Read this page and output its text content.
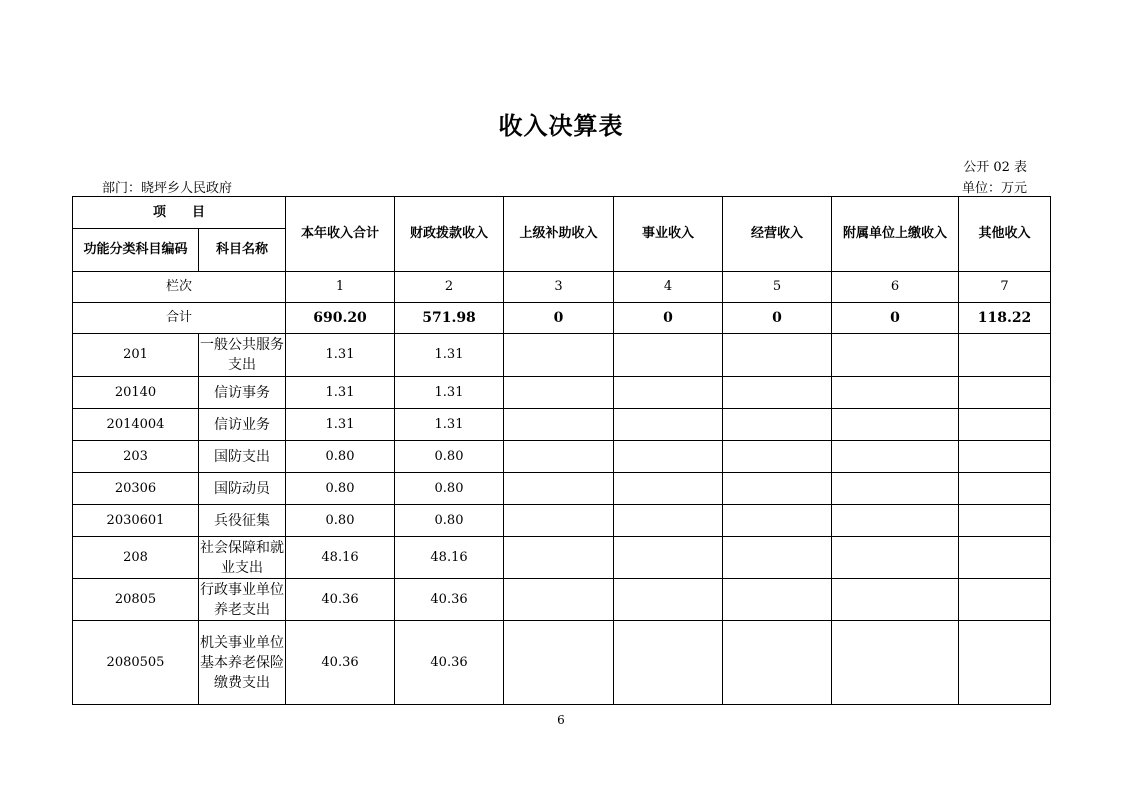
收入决算表
公开 02 表
部门：晓坪乡人民政府	单位：万元
项　　目		本年收入合计	财政拨款收入	上级补助收入	事业收入	经营收入	附属单位上缴收入	其他收入
功能分类科目编码	科目名称							
栏次		1	2	3	4	5	6	7
合计		690.20	571.98	0	0	0	0	118.22
201	一般公共服务支出	1.31	1.31					
20140	信访事务	1.31	1.31					
2014004	信访业务	1.31	1.31					
203	国防支出	0.80	0.80					
20306	国防动员	0.80	0.80					
2030601	兵役征集	0.80	0.80					
208	社会保障和就业支出	48.16	48.16					
20805	行政事业单位养老支出	40.36	40.36					
2080505	机关事业单位基本养老保险缴费支出	40.36	40.36					
6
